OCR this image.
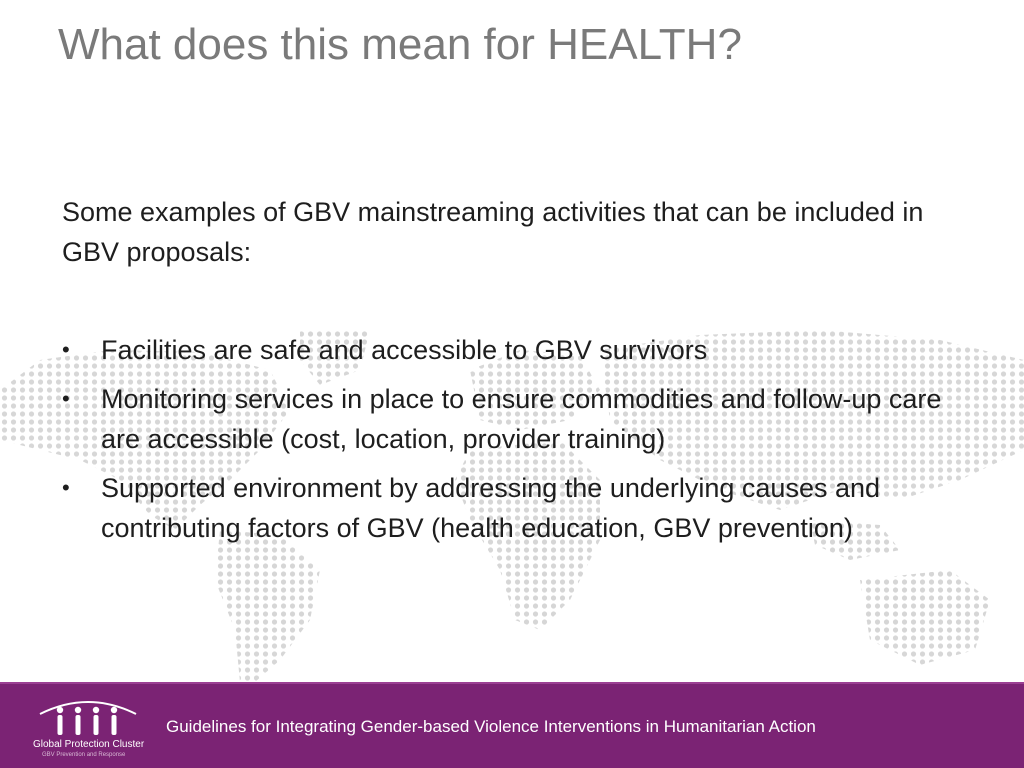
What does this mean for HEALTH?

Some examples of GBV mainstreaming activities that can be included in GBV proposals:

• Facilities are safe and accessible to GBV survivors
• Monitoring services in place to ensure commodities and follow-up care are accessible (cost, location, provider training)
• Supported environment by addressing the underlying causes and contributing factors of GBV (health education, GBV prevention)
Global Protection Cluster
GBV Prevention and Response
Guidelines for Integrating Gender-based Violence Interventions in Humanitarian Action
